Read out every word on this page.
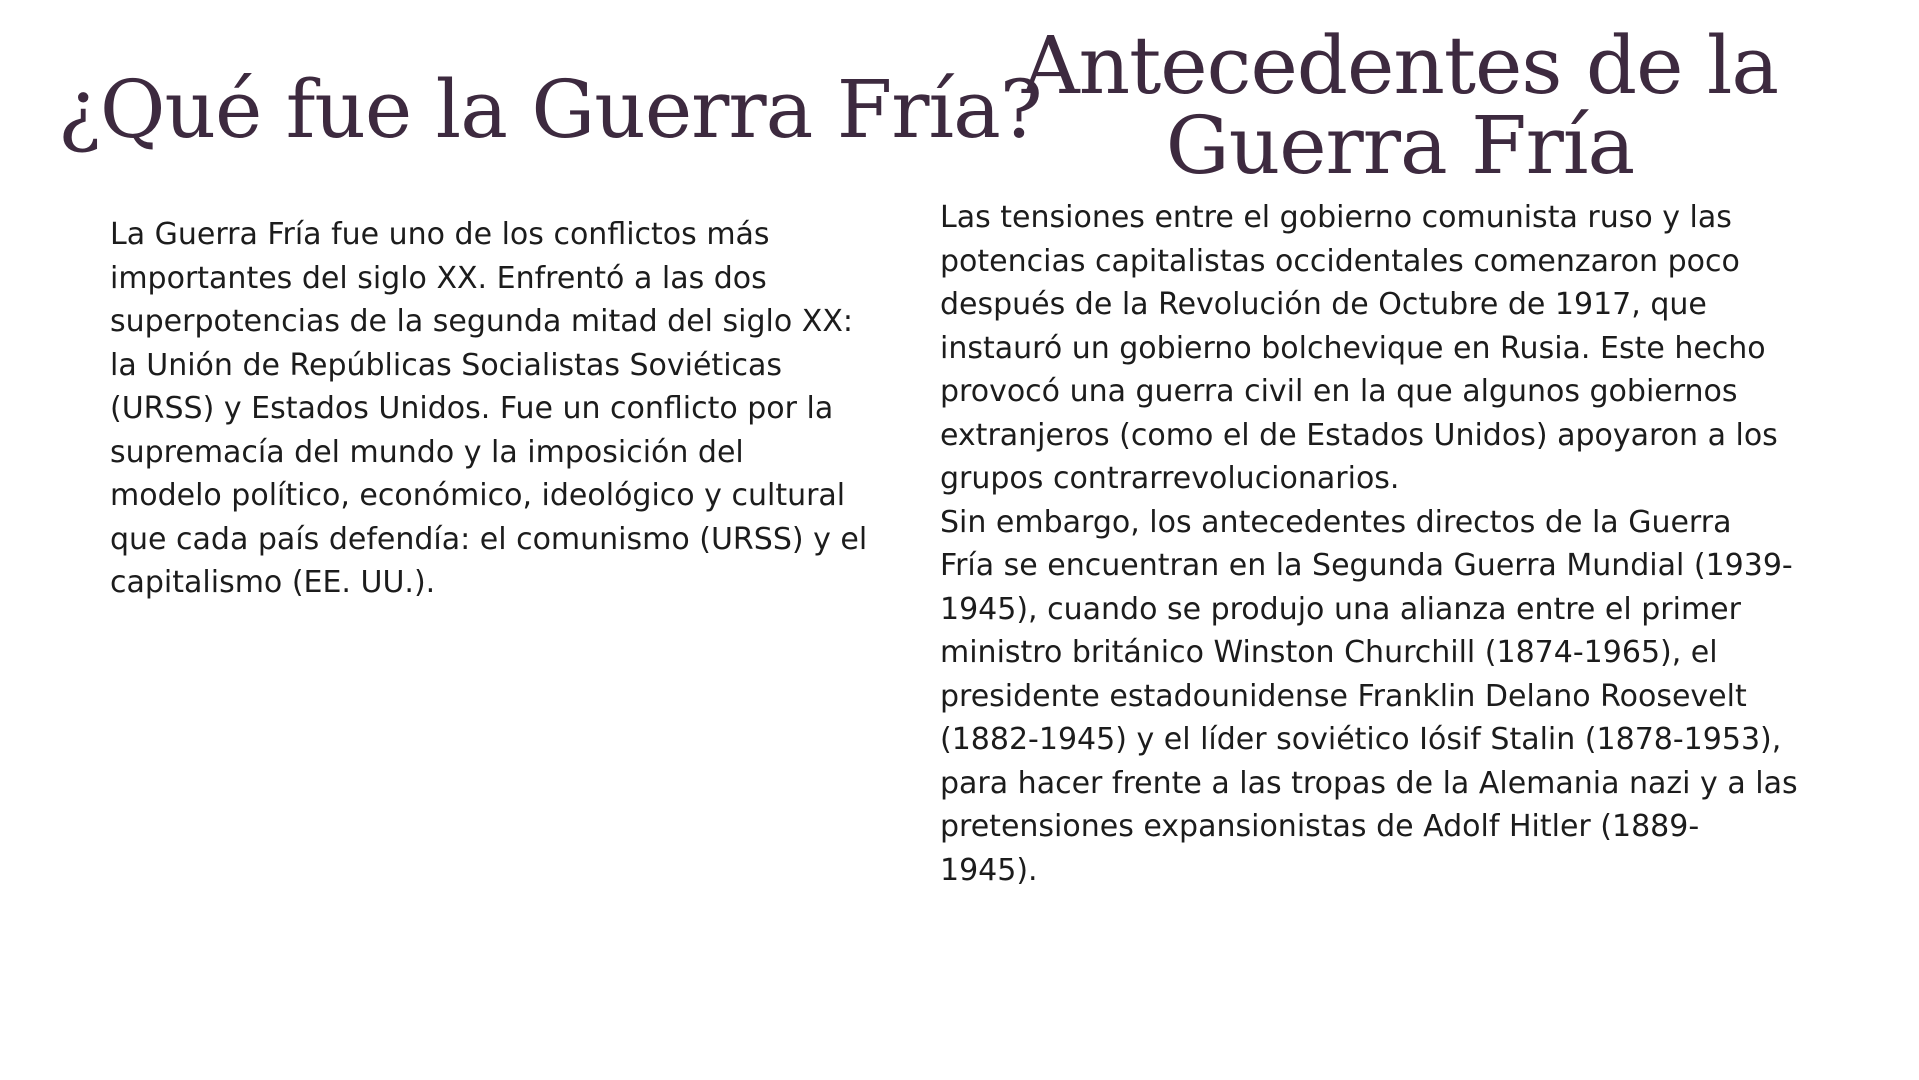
¿Qué fue la Guerra Fría?
Antecedentes de la Guerra Fría

La Guerra Fría fue uno de los conflictos más
importantes del siglo XX. Enfrentó a las dos
superpotencias de la segunda mitad del siglo XX:
la Unión de Repúblicas Socialistas Soviéticas
(URSS) y Estados Unidos. Fue un conflicto por la
supremacía del mundo y la imposición del
modelo político, económico, ideológico y cultural
que cada país defendía: el comunismo (URSS) y el
capitalismo (EE. UU.).

Las tensiones entre el gobierno comunista ruso y las
potencias capitalistas occidentales comenzaron poco
después de la Revolución de Octubre de 1917, que
instauró un gobierno bolchevique en Rusia. Este hecho
provocó una guerra civil en la que algunos gobiernos
extranjeros (como el de Estados Unidos) apoyaron a los
grupos contrarrevolucionarios.
Sin embargo, los antecedentes directos de la Guerra
Fría se encuentran en la Segunda Guerra Mundial (1939-
1945), cuando se produjo una alianza entre el primer
ministro británico Winston Churchill (1874-1965), el
presidente estadounidense Franklin Delano Roosevelt
(1882-1945) y el líder soviético Iósif Stalin (1878-1953),
para hacer frente a las tropas de la Alemania nazi y a las
pretensiones expansionistas de Adolf Hitler (1889-
1945).
